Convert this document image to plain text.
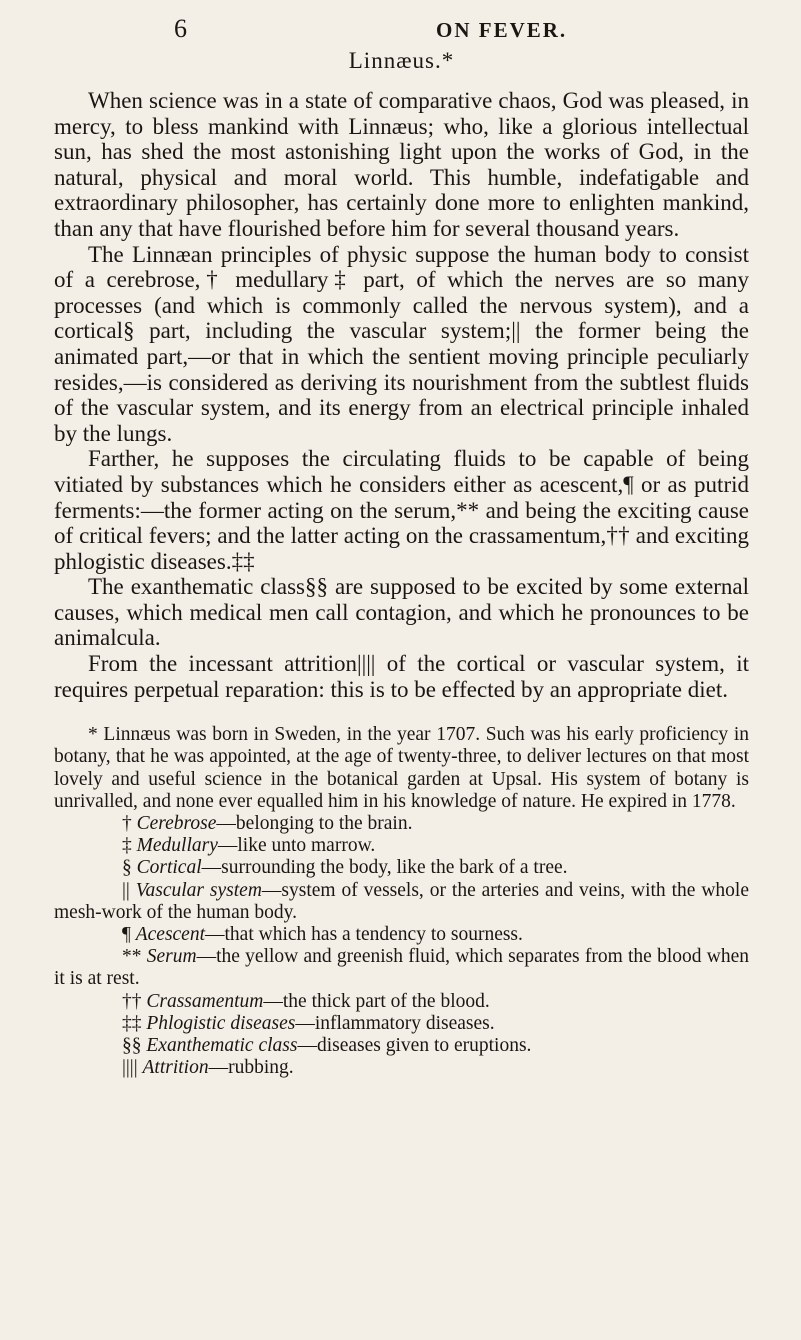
6	ON FEVER.
Linnæus.*

When science was in a state of comparative chaos, God was pleased, in mercy, to bless mankind with Linnæus; who, like a glorious intellectual sun, has shed the most astonishing light upon the works of God, in the natural, physical and moral world. This humble, indefatigable and extraordinary philosopher, has certainly done more to enlighten mankind, than any that have flourished before him for several thousand years.

The Linnæan principles of physic suppose the human body to consist of a cerebrose,† medullary‡ part, of which the nerves are so many processes (and which is commonly called the nervous system), and a cortical§ part, including the vascular system;|| the former being the animated part,—or that in which the sentient moving principle peculiarly resides,—is considered as deriving its nourishment from the subtlest fluids of the vascular system, and its energy from an electrical principle inhaled by the lungs.

Farther, he supposes the circulating fluids to be capable of being vitiated by substances which he considers either as acescent,¶ or as putrid ferments:—the former acting on the serum,** and being the exciting cause of critical fevers; and the latter acting on the crassamentum,†† and exciting phlogistic diseases.‡‡

The exanthematic class§§ are supposed to be excited by some external causes, which medical men call contagion, and which he pronounces to be animalcula.

From the incessant attrition|||| of the cortical or vascular system, it requires perpetual reparation: this is to be effected by an appropriate diet.

* Linnæus was born in Sweden, in the year 1707. Such was his early proficiency in botany, that he was appointed, at the age of twenty-three, to deliver lectures on that most lovely and useful science in the botanical garden at Upsal. His system of botany is unrivalled, and none ever equalled him in his knowledge of nature. He expired in 1778.

† Cerebrose—belonging to the brain.

‡ Medullary—like unto marrow.

§ Cortical—surrounding the body, like the bark of a tree.

|| Vascular system—system of vessels, or the arteries and veins, with the whole mesh-work of the human body.

¶ Acescent—that which has a tendency to sourness.

** Serum—the yellow and greenish fluid, which separates from the blood when it is at rest.

†† Crassamentum—the thick part of the blood.

‡‡ Phlogistic diseases—inflammatory diseases.

§§ Exanthematic class—diseases given to eruptions.

|||| Attrition—rubbing.
